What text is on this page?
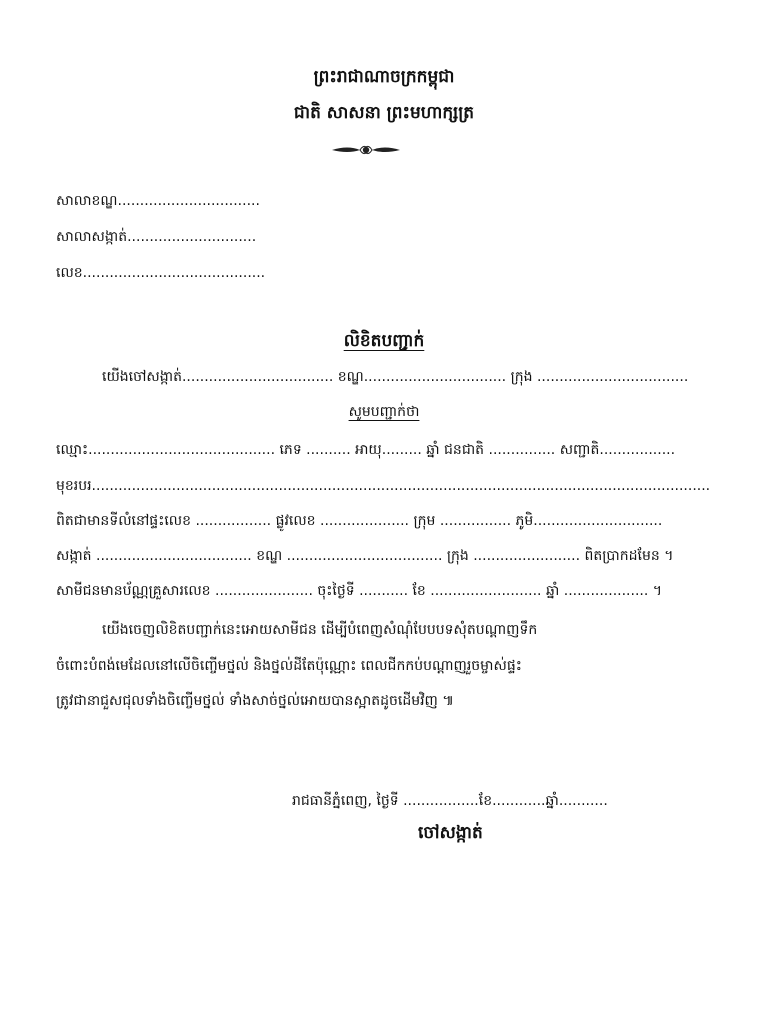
ព្រះរាជាណាចក្រកម្ពុជា
ជាតិ សាសនា ព្រះមហាក្សត្រ
សាលាខណ្ឌ................................
សាលាសង្កាត់.............................
លេខ.........................................
លិខិតបញ្ជាក់
យើងចៅសង្កាត់.................................. ខណ្ឌ................................ ក្រុង ..................................
សូមបញ្ជាក់ថា
ឈ្មោះ.......................................... ភេទ .......... អាយុ......... ឆ្នាំ ជនជាតិ ............... សញ្ជាតិ.................
មុខរបរ...........................................................................................................................................
ពិតជាមានទីលំនៅផ្ទះលេខ ................. ផ្លូវលេខ .................... ក្រុម ................ ភូមិ.............................
សង្កាត់ ................................... ខណ្ឌ ................................... ក្រុង ........................ ពិតប្រាកដមែន ។
សាមីជនមានប័ណ្ណគ្រួសារលេខ ...................... ចុះថ្ងៃទី ........... ខែ ......................... ឆ្នាំ ................... ។
យើងចេញលិខិតបញ្ជាក់នេះអោយសាមីជន ដើម្បីបំពេញសំណុំបែបបទសុំតបណ្តាញទឹក
ចំពោះបំពង់មេដែលនៅលើចិញ្ចើមថ្នល់ និងថ្នល់ដីតែប៉ុណ្ណោះ ពេលជីកកប់បណ្តាញរួចម្ចាស់ផ្ទះ
ត្រូវជានាជួសជុលទាំងចិញ្ចើមថ្នល់ ទាំងសាច់ថ្នល់អោយបានស្អាតដូចដើមវិញ ៕
រាជធានីភ្នំពេញ, ថ្ងៃទី .................ខែ............ឆ្នាំ...........
ចៅសង្កាត់
